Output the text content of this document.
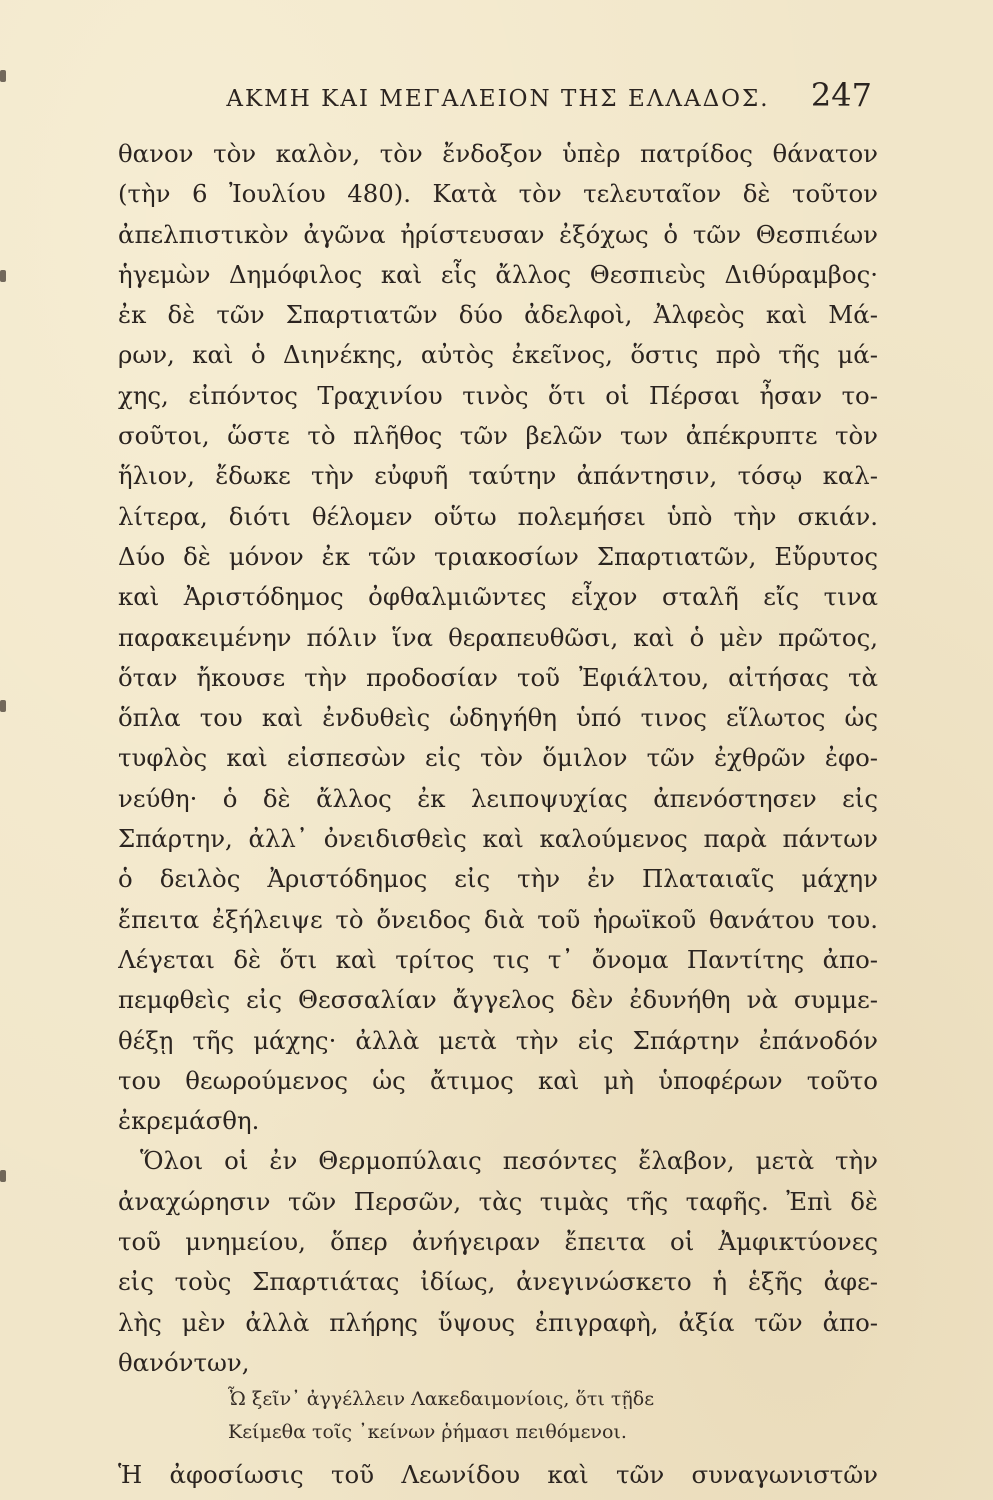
ΑΚΜΗ ΚΑΙ ΜΕΓΑΛΕΙΟΝ ΤΗΣ ΕΛΛΑΔΟΣ. 247
θανον τὸν καλὸν, τὸν ἔνδοξον ὑπὲρ πατρίδος θάνατον
(τὴν 6 Ἰουλίου 480). Κατὰ τὸν τελευταῖον δὲ τοῦτον
ἀπελπιστικὸν ἀγῶνα ἠρίστευσαν ἐξόχως ὁ τῶν Θεσπιέων
ἡγεμὼν Δημόφιλος καὶ εἷς ἄλλος Θεσπιεὺς Διθύραμβος·
ἐκ δὲ τῶν Σπαρτιατῶν δύο ἀδελφοὶ, Ἀλφεὸς καὶ Μά-
ρων, καὶ ὁ Διηνέκης, αὐτὸς ἐκεῖνος, ὅστις πρὸ τῆς μά-
χης, εἰπόντος Τραχινίου τινὸς ὅτι οἱ Πέρσαι ἦσαν το-
σοῦτοι, ὥστε τὸ πλῆθος τῶν βελῶν των ἀπέκρυπτε τὸν
ἥλιον, ἔδωκε τὴν εὐφυῆ ταύτην ἀπάντησιν, τόσῳ καλ-
λίτερα, διότι θέλομεν οὕτω πολεμήσει ὑπὸ τὴν σκιάν.
Δύο δὲ μόνον ἐκ τῶν τριακοσίων Σπαρτιατῶν, Εὔρυτος
καὶ Ἀριστόδημος ὀφθαλμιῶντες εἶχον σταλῆ εἴς τινα
παρακειμένην πόλιν ἵνα θεραπευθῶσι, καὶ ὁ μὲν πρῶτος,
ὅταν ἤκουσε τὴν προδοσίαν τοῦ Ἐφιάλτου, αἰτήσας τὰ
ὅπλα του καὶ ἐνδυθεὶς ὡδηγήθη ὑπό τινος εἵλωτος ὡς
τυφλὸς καὶ εἰσπεσὼν εἰς τὸν ὅμιλον τῶν ἐχθρῶν ἐφο-
νεύθη· ὁ δὲ ἄλλος ἐκ λειποψυχίας ἀπενόστησεν εἰς
Σπάρτην, ἀλλ᾽ ὀνειδισθεὶς καὶ καλούμενος παρὰ πάντων
ὁ δειλὸς Ἀριστόδημος εἰς τὴν ἐν Πλαταιαῖς μάχην
ἔπειτα ἐξήλειψε τὸ ὄνειδος διὰ τοῦ ἡρωϊκοῦ θανάτου του.
Λέγεται δὲ ὅτι καὶ τρίτος τις τ᾽ ὄνομα Παντίτης ἀπο-
πεμφθεὶς εἰς Θεσσαλίαν ἄγγελος δὲν ἐδυνήθη νὰ συμμε-
θέξῃ τῆς μάχης· ἀλλὰ μετὰ τὴν εἰς Σπάρτην ἐπάνοδόν
του θεωρούμενος ὡς ἄτιμος καὶ μὴ ὑποφέρων τοῦτο
ἐκρεμάσθη.
Ὅλοι οἱ ἐν Θερμοπύλαις πεσόντες ἔλαβον, μετὰ τὴν
ἀναχώρησιν τῶν Περσῶν, τὰς τιμὰς τῆς ταφῆς. Ἐπὶ δὲ
τοῦ μνημείου, ὅπερ ἀνήγειραν ἔπειτα οἱ Ἀμφικτύονες
εἰς τοὺς Σπαρτιάτας ἰδίως, ἀνεγινώσκετο ἡ ἑξῆς ἀφε-
λὴς μὲν ἀλλὰ πλήρης ὕψους ἐπιγραφὴ, ἀξία τῶν ἀπο-
θανόντων,
Ὦ ξεῖν᾽ ἀγγέλλειν Λακεδαιμονίοις, ὅτι τῇδε
Κείμεθα τοῖς ᾽κείνων ῥήμασι πειθόμενοι.
Ἡ ἀφοσίωσις τοῦ Λεωνίδου καὶ τῶν συναγωνιστῶν
